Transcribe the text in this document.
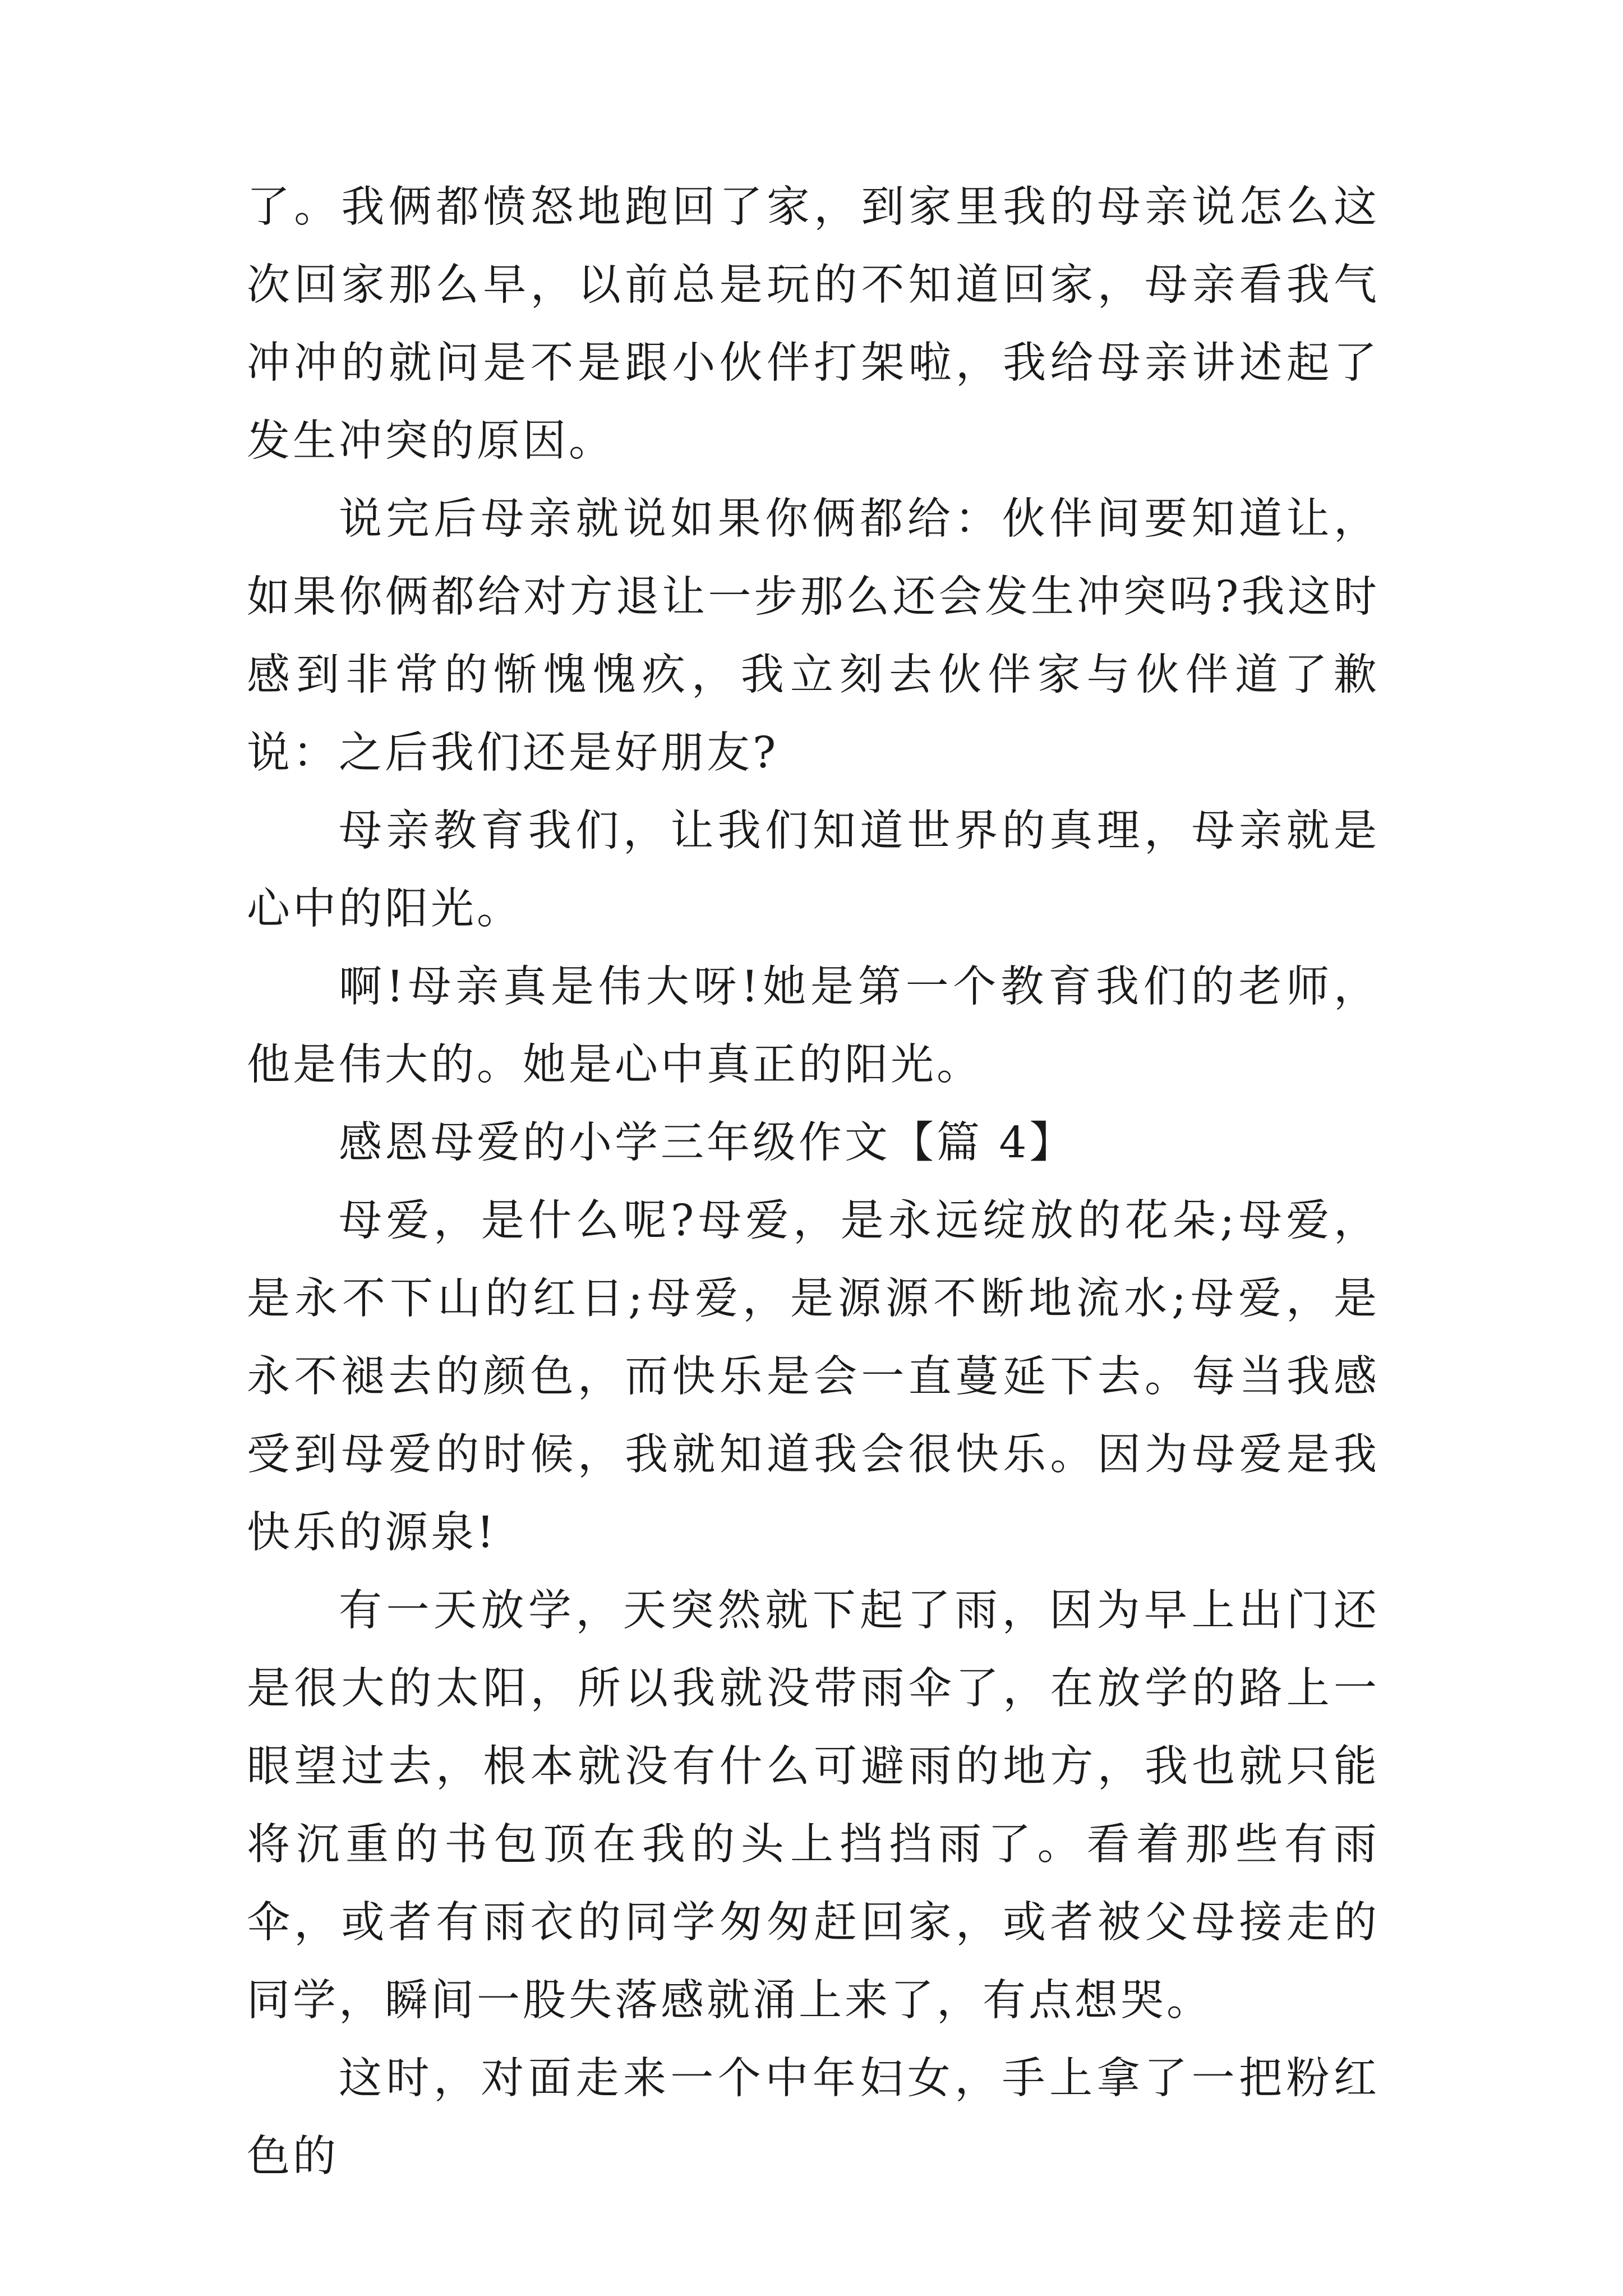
了。我俩都愤怒地跑回了家，到家里我的母亲说怎么这次回家那么早，以前总是玩的不知道回家，母亲看我气冲冲的就问是不是跟小伙伴打架啦，我给母亲讲述起了发生冲突的原因。

说完后母亲就说如果你俩都给：伙伴间要知道让，如果你俩都给对方退让一步那么还会发生冲突吗?我这时感到非常的惭愧愧疚，我立刻去伙伴家与伙伴道了歉说：之后我们还是好朋友?

母亲教育我们，让我们知道世界的真理，母亲就是心中的阳光。

啊!母亲真是伟大呀!她是第一个教育我们的老师，他是伟大的。她是心中真正的阳光。

感恩母爱的小学三年级作文【篇 4】

母爱，是什么呢?母爱，是永远绽放的花朵;母爱，是永不下山的红日;母爱，是源源不断地流水;母爱，是永不褪去的颜色，而快乐是会一直蔓延下去。每当我感受到母爱的时候，我就知道我会很快乐。因为母爱是我快乐的源泉!

有一天放学，天突然就下起了雨，因为早上出门还是很大的太阳，所以我就没带雨伞了，在放学的路上一眼望过去，根本就没有什么可避雨的地方，我也就只能将沉重的书包顶在我的头上挡挡雨了。看着那些有雨伞，或者有雨衣的同学匆匆赶回家，或者被父母接走的同学，瞬间一股失落感就涌上来了，有点想哭。

这时，对面走来一个中年妇女，手上拿了一把粉红色的
